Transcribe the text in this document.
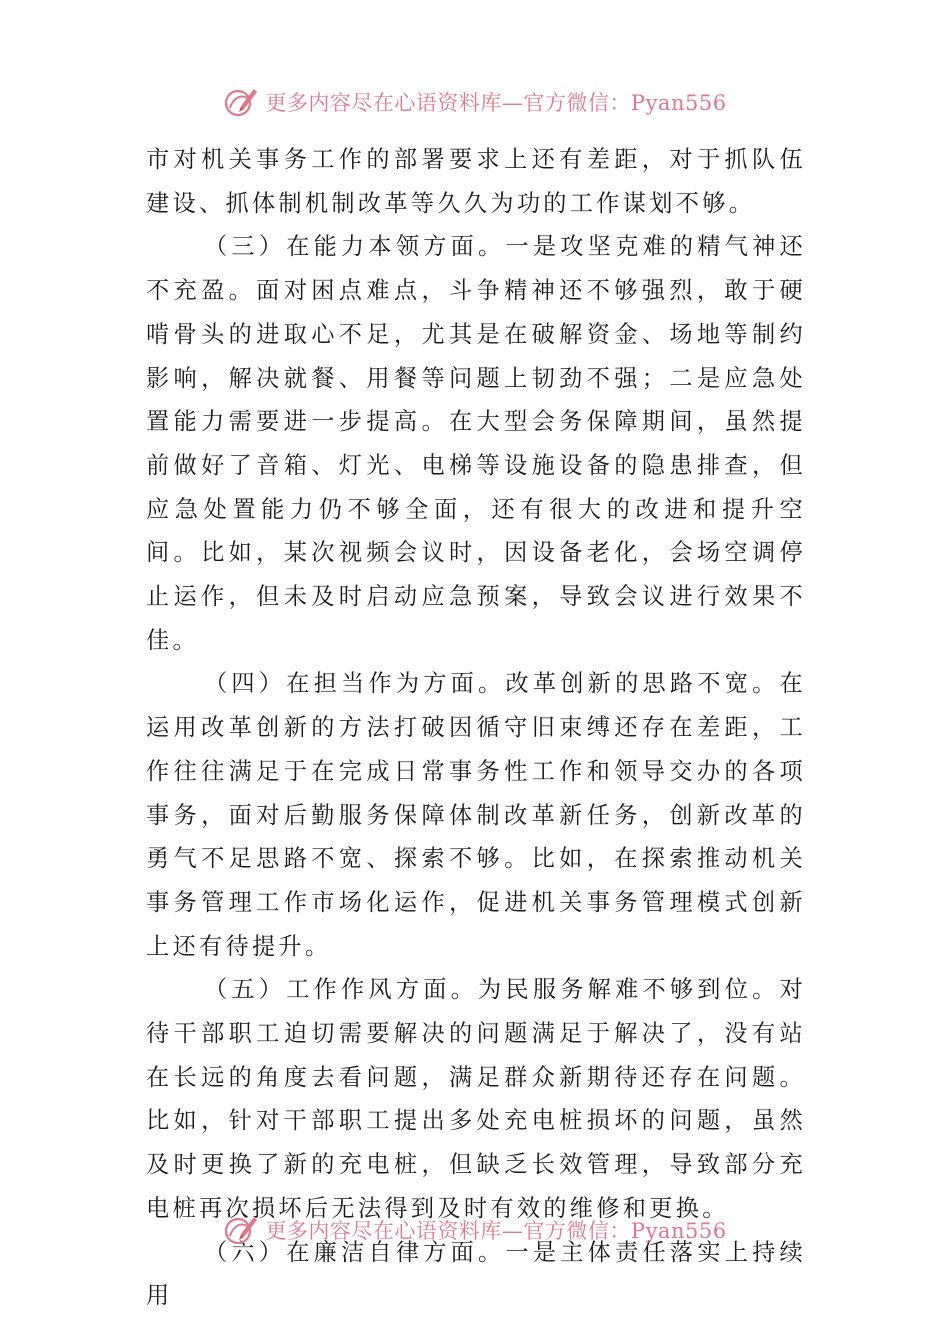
更多内容尽在心语资料库—官方微信：Pyan556

市对机关事务工作的部署要求上还有差距，对于抓队伍建设、抓体制机制改革等久久为功的工作谋划不够。

（三）在能力本领方面。一是攻坚克难的精气神还不充盈。面对困点难点，斗争精神还不够强烈，敢于硬啃骨头的进取心不足，尤其是在破解资金、场地等制约影响，解决就餐、用餐等问题上韧劲不强；二是应急处置能力需要进一步提高。在大型会务保障期间，虽然提前做好了音箱、灯光、电梯等设施设备的隐患排查，但应急处置能力仍不够全面，还有很大的改进和提升空间。比如，某次视频会议时，因设备老化，会场空调停止运作，但未及时启动应急预案，导致会议进行效果不佳。

（四）在担当作为方面。改革创新的思路不宽。在运用改革创新的方法打破因循守旧束缚还存在差距，工作往往满足于在完成日常事务性工作和领导交办的各项事务，面对后勤服务保障体制改革新任务，创新改革的勇气不足思路不宽、探索不够。比如，在探索推动机关事务管理工作市场化运作，促进机关事务管理模式创新上还有待提升。

（五）工作作风方面。为民服务解难不够到位。对待干部职工迫切需要解决的问题满足于解决了，没有站在长远的角度去看问题，满足群众新期待还存在问题。比如，针对干部职工提出多处充电桩损坏的问题，虽然及时更换了新的充电桩，但缺乏长效管理，导致部分充电桩再次损坏后无法得到及时有效的维修和更换。

（六）在廉洁自律方面。一是主体责任落实上持续用

更多内容尽在心语资料库—官方微信：Pyan556
